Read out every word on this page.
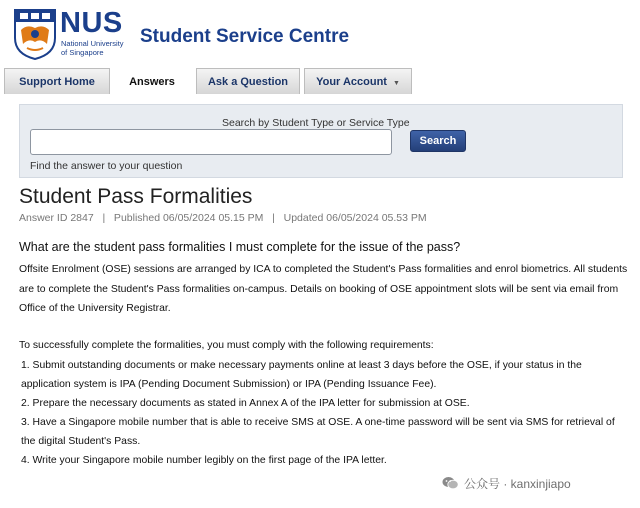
NUS
National University
of Singapore
Student Service Centre
Support Home	Answers	Ask a Question	Your Account ▼
Search by Student Type or Service Type
Search
Find the answer to your question
Student Pass Formalities
Answer ID 2847   |   Published 06/05/2024 05.15 PM   |   Updated 06/05/2024 05.53 PM
What are the student pass formalities I must complete for the issue of the pass?
Offsite Enrolment (OSE) sessions are arranged by ICA to completed the Student's Pass formalities and enrol biometrics. All students
are to complete the Student's Pass formalities on-campus. Details on booking of OSE appointment slots will be sent via email from
Office of the University Registrar.
To successfully complete the formalities, you must comply with the following requirements:
1. Submit outstanding documents or make necessary payments online at least 3 days before the OSE, if your status in the
application system is IPA (Pending Document Submission) or IPA (Pending Issuance Fee).
2. Prepare the necessary documents as stated in Annex A of the IPA letter for submission at OSE.
3. Have a Singapore mobile number that is able to receive SMS at OSE. A one-time password will be sent via SMS for retrieval of
the digital Student's Pass.
4. Write your Singapore mobile number legibly on the first page of the IPA letter.
公众号 · kanxinjiapo
